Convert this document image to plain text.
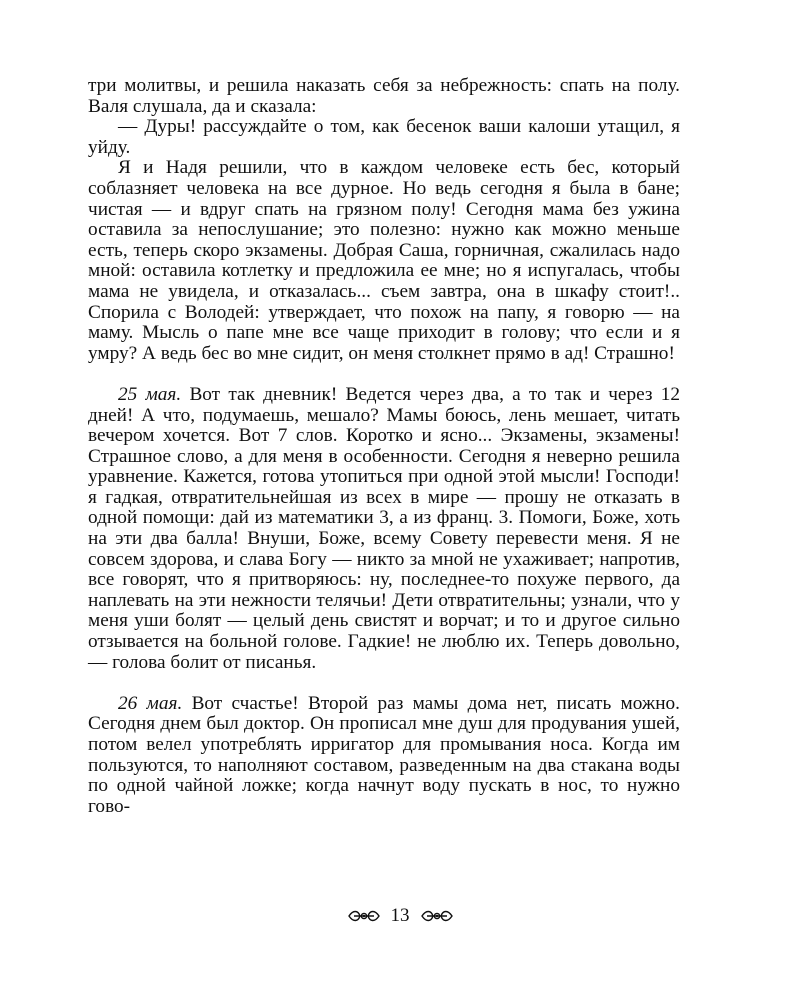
три молитвы, и решила наказать себя за небрежность: спать на полу. Валя слушала, да и сказала:

— Дуры! рассуждайте о том, как бесенок ваши калоши утащил, я уйду.

Я и Надя решили, что в каждом человеке есть бес, который соблазняет человека на все дурное. Но ведь сегодня я была в бане; чистая — и вдруг спать на грязном полу! Сегодня мама без ужина оставила за непослушание; это полезно: нужно как можно меньше есть, теперь скоро экзамены. Добрая Саша, горничная, сжалилась надо мной: оставила котлетку и предложила ее мне; но я испугалась, чтобы мама не увидела, и отказалась... съем завтра, она в шкафу стоит!.. Спорила с Володей: утверждает, что похож на папу, я говорю — на маму. Мысль о папе мне все чаще приходит в голову; что если и я умру? А ведь бес во мне сидит, он меня столкнет прямо в ад! Страшно!

25 мая. Вот так дневник! Ведется через два, а то так и через 12 дней! А что, подумаешь, мешало? Мамы боюсь, лень мешает, читать вечером хочется. Вот 7 слов. Коротко и ясно... Экзамены, экзамены! Страшное слово, а для меня в особенности. Сегодня я неверно решила уравнение. Кажется, готова утопиться при одной этой мысли! Господи! я гадкая, отвратительнейшая из всех в мире — прошу не отказать в одной помощи: дай из математики 3, а из франц. 3. Помоги, Боже, хоть на эти два балла! Внуши, Боже, всему Совету перевести меня. Я не совсем здорова, и слава Богу — никто за мной не ухаживает; напротив, все говорят, что я притворяюсь: ну, последнее-то похуже первого, да наплевать на эти нежности телячьи! Дети отвратительны; узнали, что у меня уши болят — целый день свистят и ворчат; и то и другое сильно отзывается на больной голове. Гадкие! не люблю их. Теперь довольно, — голова болит от писанья.

26 мая. Вот счастье! Второй раз мамы дома нет, писать можно. Сегодня днем был доктор. Он прописал мне душ для продувания ушей, потом велел употреблять ирригатор для промывания носа. Когда им пользуются, то наполняют составом, разведенным на два стакана воды по одной чайной ложке; когда начнут воду пускать в нос, то нужно гово-

13
